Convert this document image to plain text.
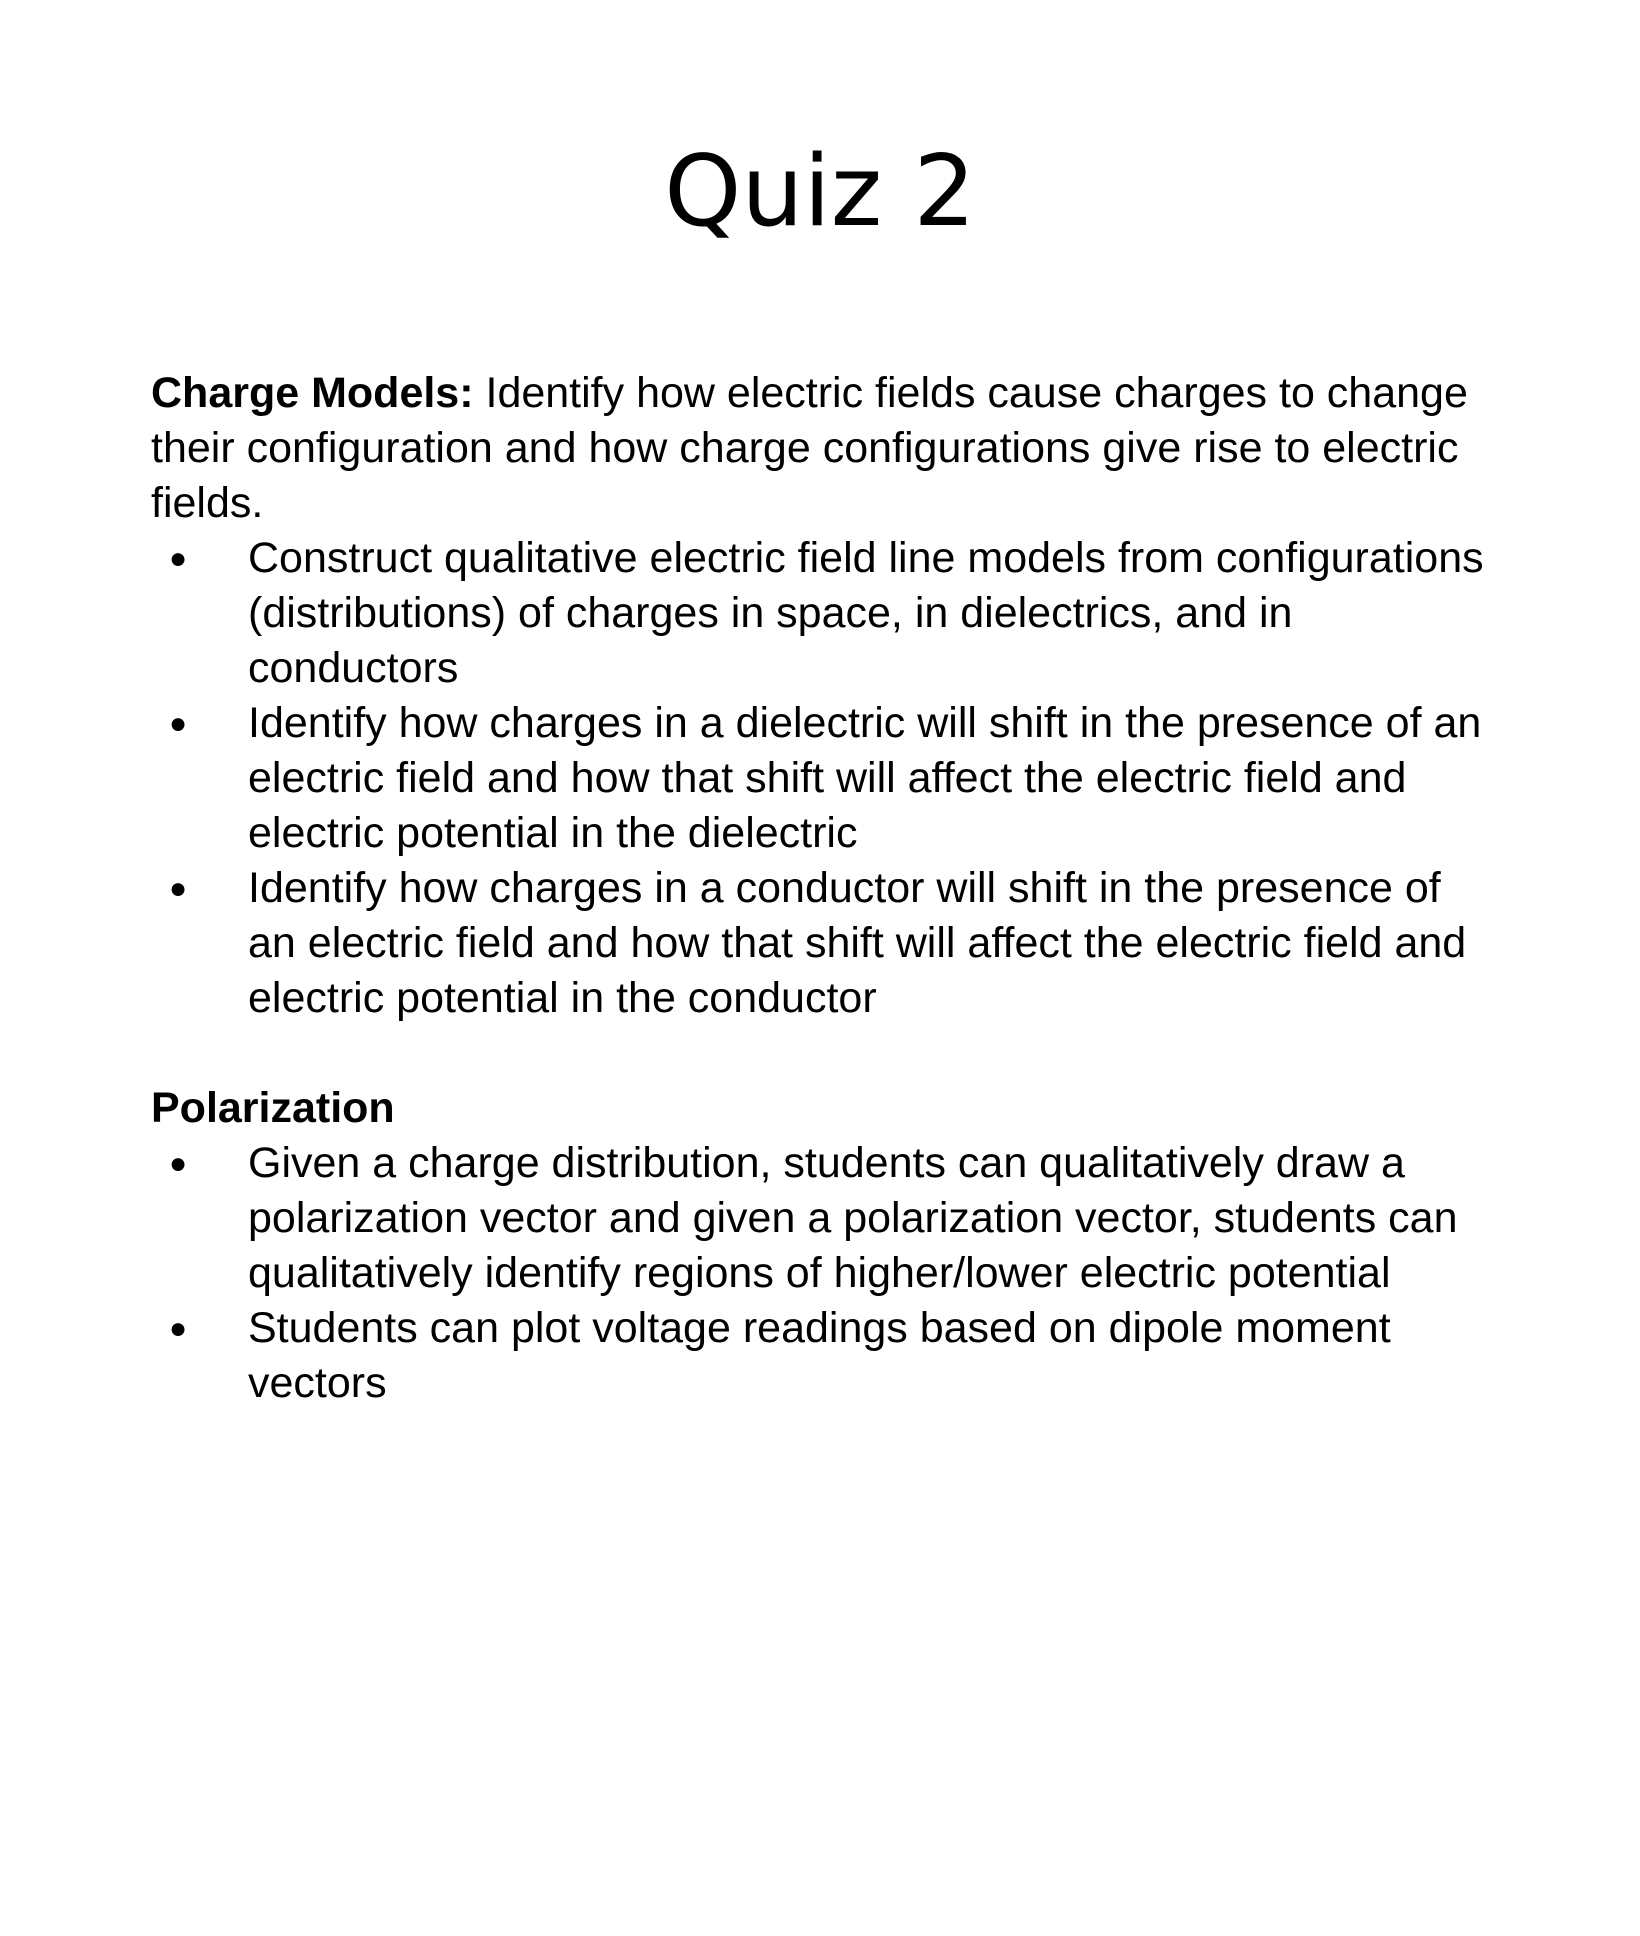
Quiz 2

Charge Models: Identify how electric fields cause charges to change their configuration and how charge configurations give rise to electric fields.

● Construct qualitative electric field line models from configurations (distributions) of charges in space, in dielectrics, and in conductors
● Identify how charges in a dielectric will shift in the presence of an electric field and how that shift will affect the electric field and electric potential in the dielectric
● Identify how charges in a conductor will shift in the presence of an electric field and how that shift will affect the electric field and electric potential in the conductor
Polarization
● Given a charge distribution, students can qualitatively draw a polarization vector and given a polarization vector, students can qualitatively identify regions of higher/lower electric potential
● Students can plot voltage readings based on dipole moment vectors
